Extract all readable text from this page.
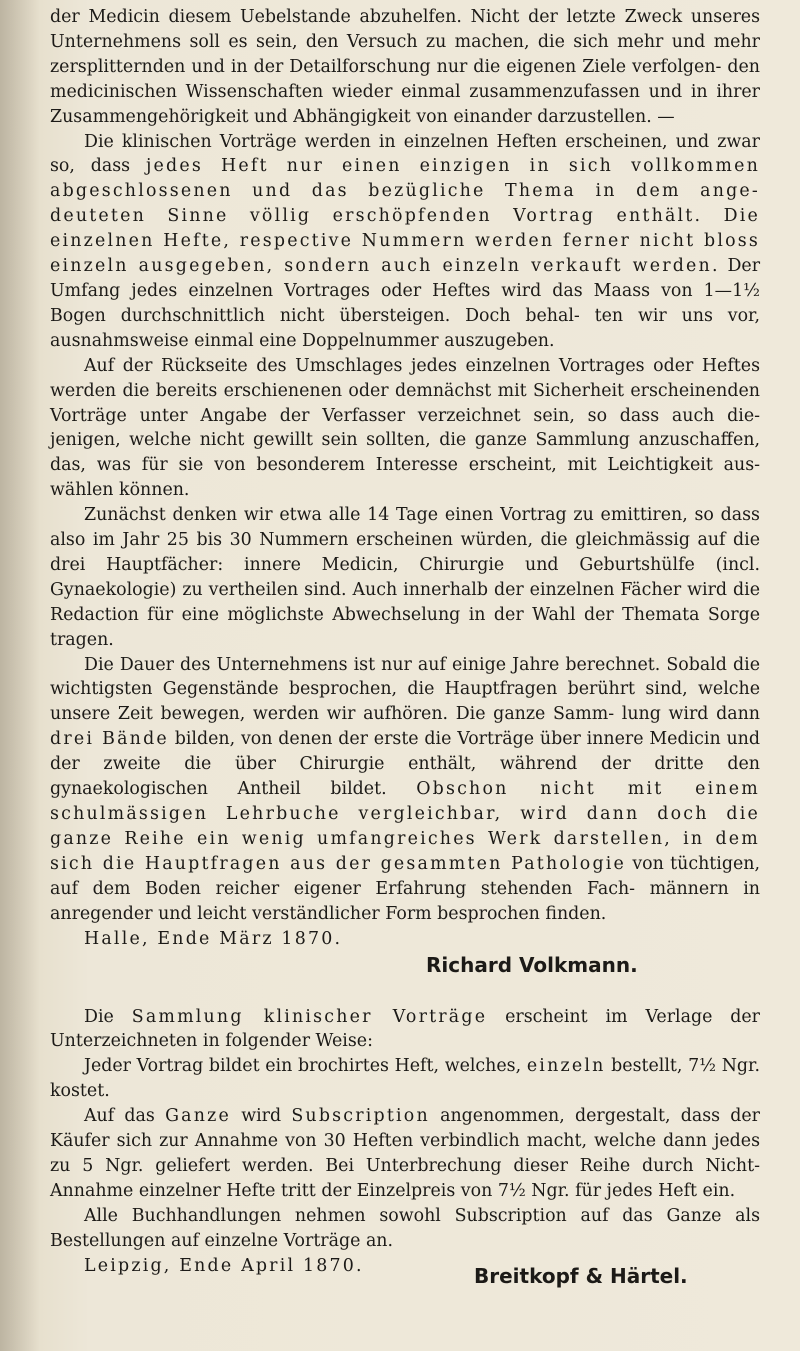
der Medicin diesem Uebelstande abzuhelfen. Nicht der letzte Zweck unseres Unternehmens soll es sein, den Versuch zu machen, die sich mehr und mehr zersplitternden und in der Detailforschung nur die eigenen Ziele verfolgen- den medicinischen Wissenschaften wieder einmal zusammenzufassen und in ihrer Zusammengehörigkeit und Abhängigkeit von einander darzustellen. —

Die klinischen Vorträge werden in einzelnen Heften erscheinen, und zwar so, dass jedes Heft nur einen einzigen in sich vollkommen abgeschlossenen und das bezügliche Thema in dem ange- deuteten Sinne völlig erschöpfenden Vortrag enthält. Die einzelnen Hefte, respective Nummern werden ferner nicht bloss einzeln ausgegeben, sondern auch einzeln verkauft werden. Der Umfang jedes einzelnen Vortrages oder Heftes wird das Maass von 1—1½ Bogen durchschnittlich nicht übersteigen. Doch behal- ten wir uns vor, ausnahmsweise einmal eine Doppelnummer auszugeben.

Auf der Rückseite des Umschlages jedes einzelnen Vortrages oder Heftes werden die bereits erschienenen oder demnächst mit Sicherheit erscheinenden Vorträge unter Angabe der Verfasser verzeichnet sein, so dass auch die- jenigen, welche nicht gewillt sein sollten, die ganze Sammlung anzuschaffen, das, was für sie von besonderem Interesse erscheint, mit Leichtigkeit aus- wählen können.

Zunächst denken wir etwa alle 14 Tage einen Vortrag zu emittiren, so dass also im Jahr 25 bis 30 Nummern erscheinen würden, die gleichmässig auf die drei Hauptfächer: innere Medicin, Chirurgie und Geburtshülfe (incl. Gynaekologie) zu vertheilen sind. Auch innerhalb der einzelnen Fächer wird die Redaction für eine möglichste Abwechselung in der Wahl der Themata Sorge tragen.

Die Dauer des Unternehmens ist nur auf einige Jahre berechnet. Sobald die wichtigsten Gegenstände besprochen, die Hauptfragen berührt sind, welche unsere Zeit bewegen, werden wir aufhören. Die ganze Samm- lung wird dann drei Bände bilden, von denen der erste die Vorträge über innere Medicin und der zweite die über Chirurgie enthält, während der dritte den gynaekologischen Antheil bildet. Obschon nicht mit einem schulmässigen Lehrbuche vergleichbar, wird dann doch die ganze Reihe ein wenig umfangreiches Werk darstellen, in dem sich die Hauptfragen aus der gesammten Pathologie von tüchtigen, auf dem Boden reicher eigener Erfahrung stehenden Fach- männern in anregender und leicht verständlicher Form besprochen finden.

Halle, Ende März 1870.
Richard Volkmann.

Die Sammlung klinischer Vorträge erscheint im Verlage der Unterzeichneten in folgender Weise:

Jeder Vortrag bildet ein brochirtes Heft, welches, einzeln bestellt, 7½ Ngr. kostet.

Auf das Ganze wird Subscription angenommen, dergestalt, dass der Käufer sich zur Annahme von 30 Heften verbindlich macht, welche dann jedes zu 5 Ngr. geliefert werden. Bei Unterbrechung dieser Reihe durch Nicht-Annahme einzelner Hefte tritt der Einzelpreis von 7½ Ngr. für jedes Heft ein.

Alle Buchhandlungen nehmen sowohl Subscription auf das Ganze als Bestellungen auf einzelne Vorträge an.

Leipzig, Ende April 1870.	Breitkopf & Härtel.
